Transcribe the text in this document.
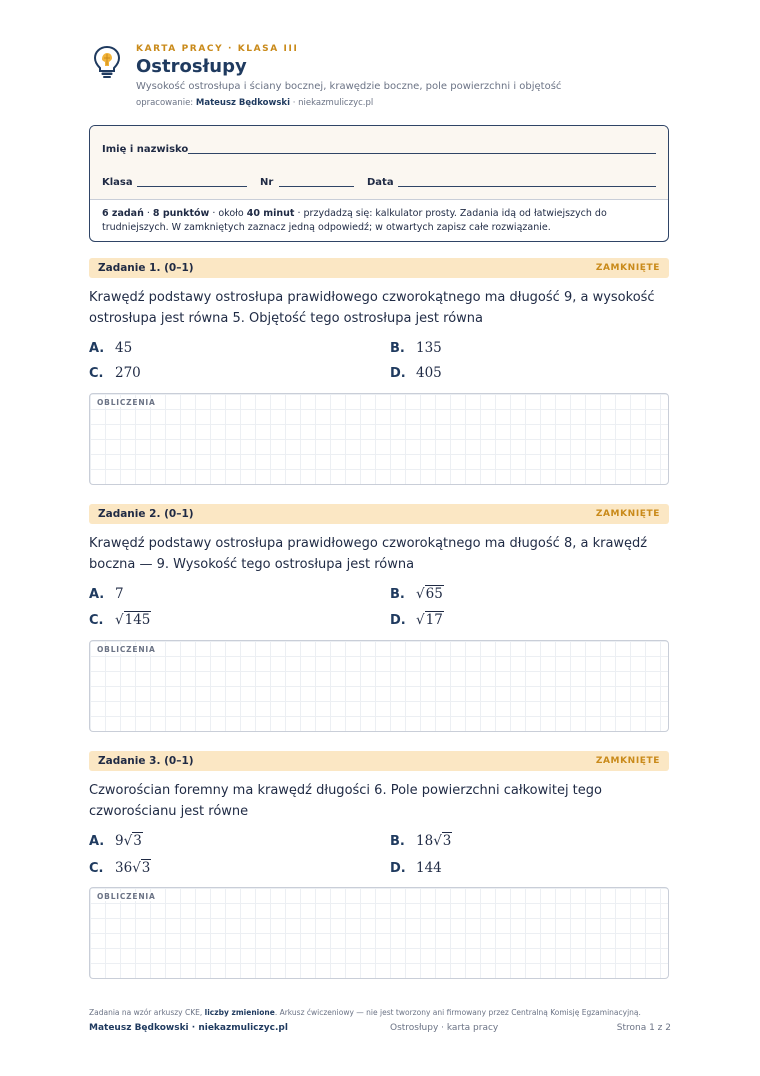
KARTA PRACY · KLASA III
Ostrosłupy
Wysokość ostrosłupa i ściany bocznej, krawędzie boczne, pole powierzchni i objętość
opracowanie: Mateusz Będkowski · niekazmuliczyc.pl
Imię i nazwisko
Klasa	Nr	Data
6 zadań · 8 punktów · około 40 minut · przydadzą się: kalkulator prosty. Zadania idą od łatwiejszych do trudniejszych. W zamkniętych zaznacz jedną odpowiedź; w otwartych zapisz całe rozwiązanie.
Zadanie 1. (0–1)	ZAMKNIĘTE
Krawędź podstawy ostrosłupa prawidłowego czworokątnego ma długość 9, a wysokość ostrosłupa jest równa 5. Objętość tego ostrosłupa jest równa
A. 45	B. 135
C. 270	D. 405
OBLICZENIA
Zadanie 2. (0–1)	ZAMKNIĘTE
Krawędź podstawy ostrosłupa prawidłowego czworokątnego ma długość 8, a krawędź boczna — 9. Wysokość tego ostrosłupa jest równa
A. 7	B. √65
C. √145	D. √17
OBLICZENIA
Zadanie 3. (0–1)	ZAMKNIĘTE
Czworościan foremny ma krawędź długości 6. Pole powierzchni całkowitej tego czworościanu jest równe
A. 9√3	B. 18√3
C. 36√3	D. 144
OBLICZENIA
Zadania na wzór arkuszy CKE, liczby zmienione. Arkusz ćwiczeniowy — nie jest tworzony ani firmowany przez Centralną Komisję Egzaminacyjną.
Mateusz Będkowski · niekazmuliczyc.pl	Ostrosłupy · karta pracy	Strona 1 z 2
